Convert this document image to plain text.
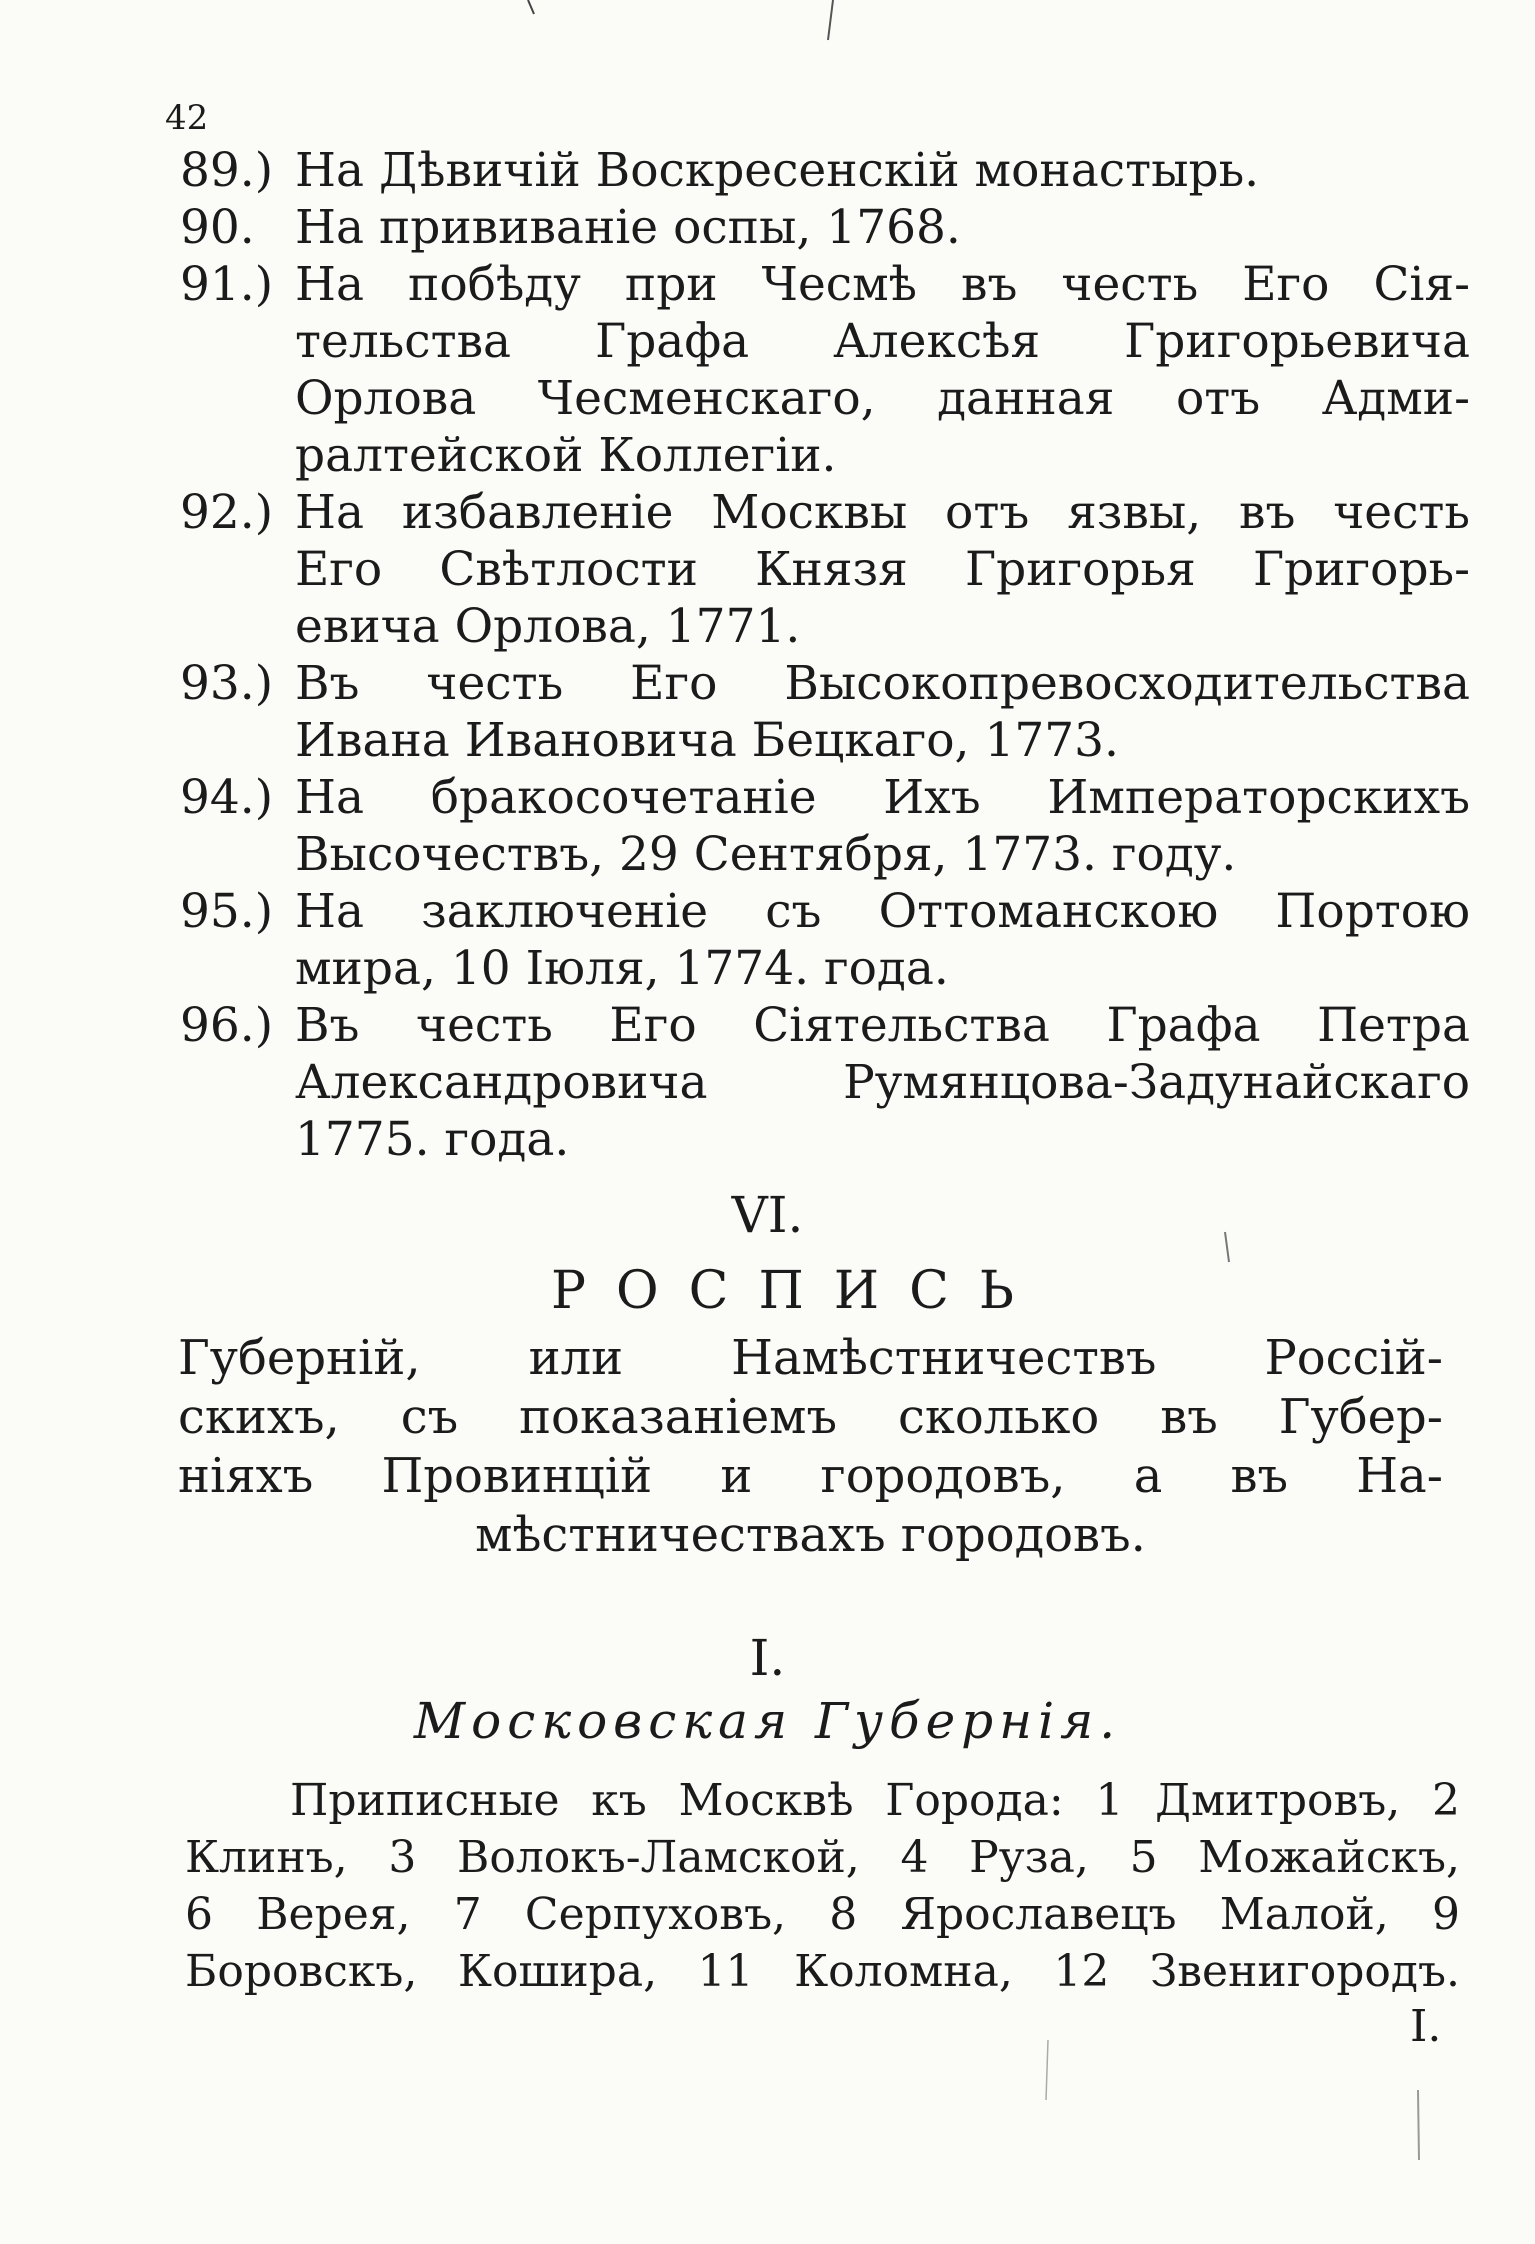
42
89.) На Дѣвичій Воскресенскій монастырь.
90. На прививаніе оспы, 1768.
91.) На побѣду при Чесмѣ въ честь Его Сія-
тельства Графа Алексѣя Григорьевича
Орлова Чесменскаго, данная отъ Адми-
ралтейской Коллегіи.
92.) На избавленіе Москвы отъ язвы, въ честь
Его Свѣтлости Князя Григорья Григорь-
евича Орлова, 1771.
93.) Въ честь Его Высокопревосходительства
Ивана Ивановича Бецкаго, 1773.
94.) На бракосочетаніе Ихъ Императорскихъ
Высочествъ, 29 Сентября, 1773. году.
95.) На заключеніе съ Оттоманскою Портою
мира, 10 Іюля, 1774. года.
96.) Въ честь Его Сіятельства Графа Петра
Александровича Румянцова-Задунайскаго
1775. года.
VI.
РОСПИСЬ
Губерній, или Намѣстничествъ Россій-
скихъ, съ показаніемъ сколько въ Губер-
ніяхъ Провинцій и городовъ, а въ На-
мѣстничествахъ городовъ.
I.
Московская Губернія.
Приписные къ Москвѣ Города: 1 Дмитровъ, 2
Клинъ, 3 Волокъ-Ламской, 4 Руза, 5 Можайскъ,
6 Верея, 7 Серпуховъ, 8 Ярославецъ Малой, 9
Боровскъ, Кошира, 11 Коломна, 12 Звенигородъ.
I.
